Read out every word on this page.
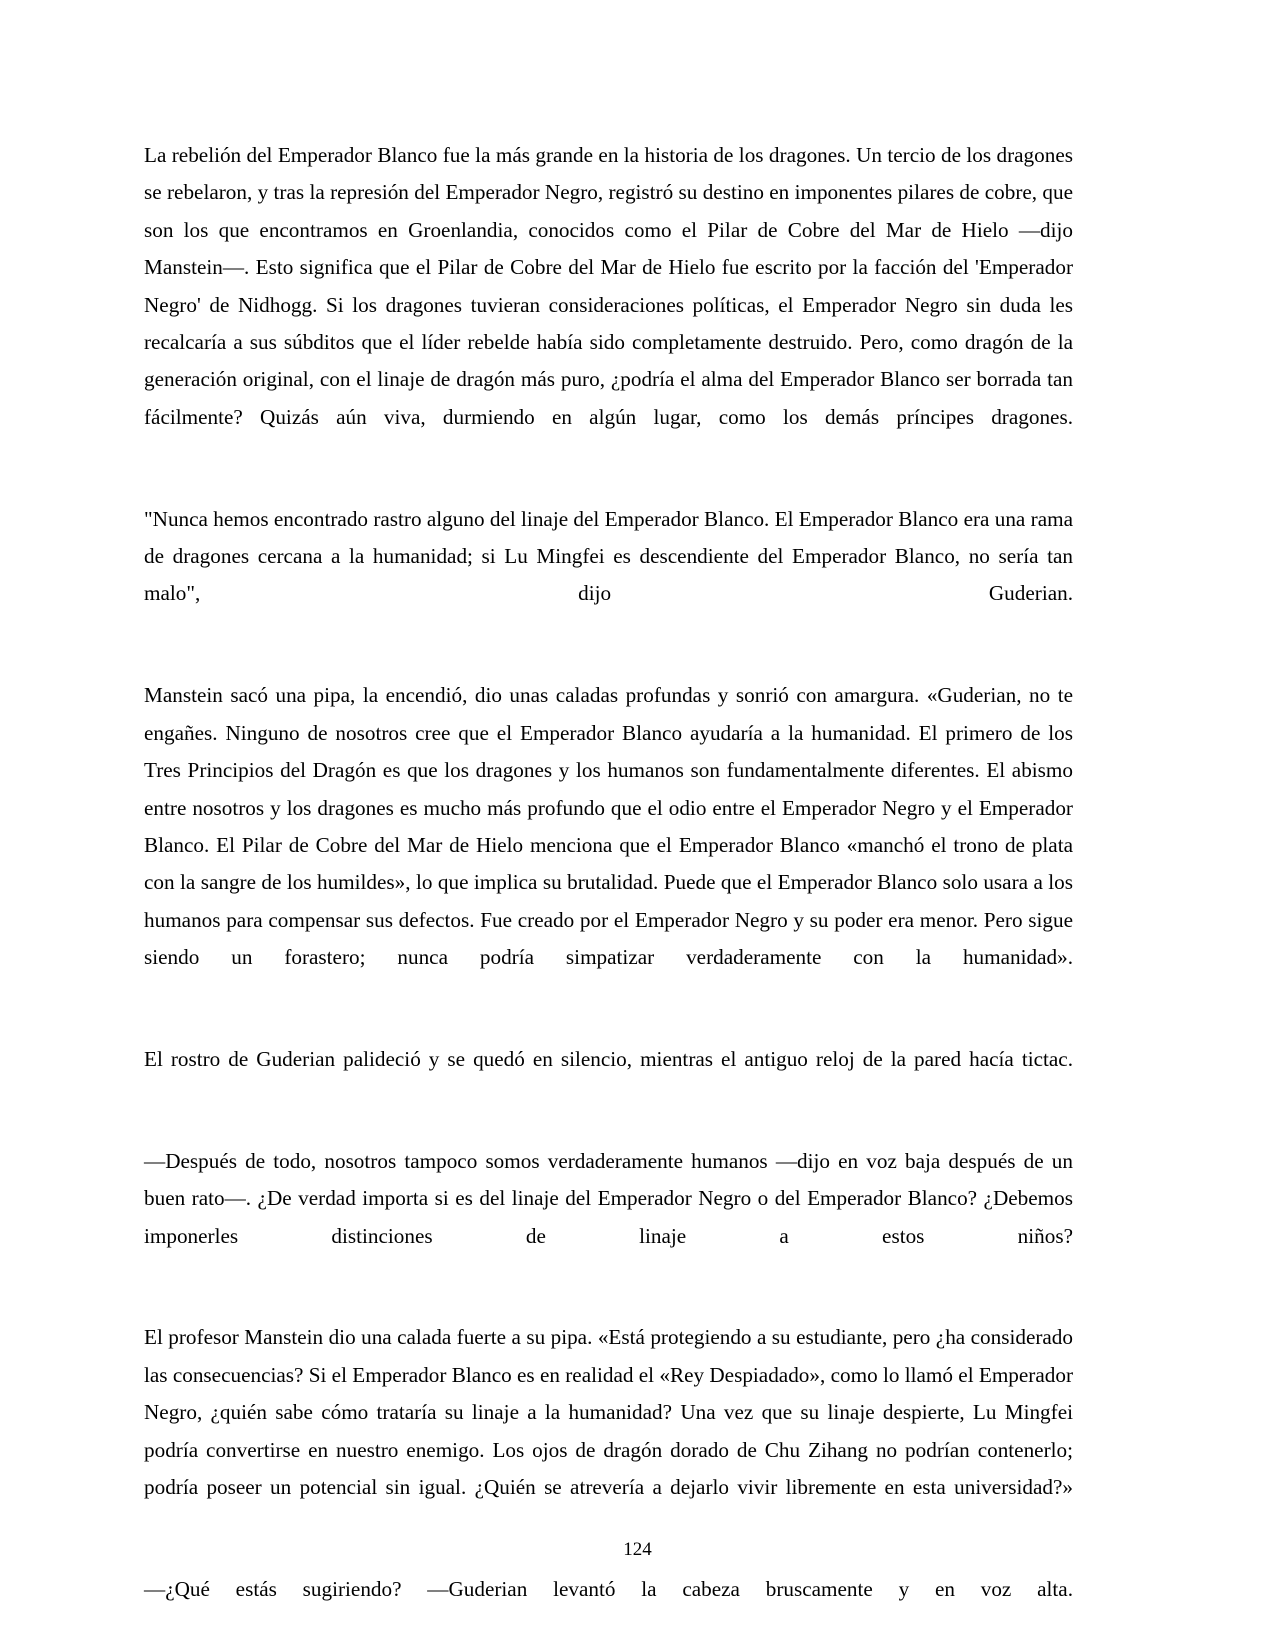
La rebelión del Emperador Blanco fue la más grande en la historia de los dragones. Un tercio de los dragones se rebelaron, y tras la represión del Emperador Negro, registró su destino en imponentes pilares de cobre, que son los que encontramos en Groenlandia, conocidos como el Pilar de Cobre del Mar de Hielo —dijo Manstein—. Esto significa que el Pilar de Cobre del Mar de Hielo fue escrito por la facción del 'Emperador Negro' de Nidhogg. Si los dragones tuvieran consideraciones políticas, el Emperador Negro sin duda les recalcaría a sus súbditos que el líder rebelde había sido completamente destruido. Pero, como dragón de la generación original, con el linaje de dragón más puro, ¿podría el alma del Emperador Blanco ser borrada tan fácilmente? Quizás aún viva, durmiendo en algún lugar, como los demás príncipes dragones.

"Nunca hemos encontrado rastro alguno del linaje del Emperador Blanco. El Emperador Blanco era una rama de dragones cercana a la humanidad; si Lu Mingfei es descendiente del Emperador Blanco, no sería tan malo", dijo Guderian.

Manstein sacó una pipa, la encendió, dio unas caladas profundas y sonrió con amargura. «Guderian, no te engañes. Ninguno de nosotros cree que el Emperador Blanco ayudaría a la humanidad. El primero de los Tres Principios del Dragón es que los dragones y los humanos son fundamentalmente diferentes. El abismo entre nosotros y los dragones es mucho más profundo que el odio entre el Emperador Negro y el Emperador Blanco. El Pilar de Cobre del Mar de Hielo menciona que el Emperador Blanco «manchó el trono de plata con la sangre de los humildes», lo que implica su brutalidad. Puede que el Emperador Blanco solo usara a los humanos para compensar sus defectos. Fue creado por el Emperador Negro y su poder era menor. Pero sigue siendo un forastero; nunca podría simpatizar verdaderamente con la humanidad».

El rostro de Guderian palideció y se quedó en silencio, mientras el antiguo reloj de la pared hacía tictac.

—Después de todo, nosotros tampoco somos verdaderamente humanos —dijo en voz baja después de un buen rato—. ¿De verdad importa si es del linaje del Emperador Negro o del Emperador Blanco? ¿Debemos imponerles distinciones de linaje a estos niños?

El profesor Manstein dio una calada fuerte a su pipa. «Está protegiendo a su estudiante, pero ¿ha considerado las consecuencias? Si el Emperador Blanco es en realidad el «Rey Despiadado», como lo llamó el Emperador Negro, ¿quién sabe cómo trataría su linaje a la humanidad? Una vez que su linaje despierte, Lu Mingfei podría convertirse en nuestro enemigo. Los ojos de dragón dorado de Chu Zihang no podrían contenerlo; podría poseer un potencial sin igual. ¿Quién se atrevería a dejarlo vivir libremente en esta universidad?»

—¿Qué estás sugiriendo? —Guderian levantó la cabeza bruscamente y en voz alta.

124
